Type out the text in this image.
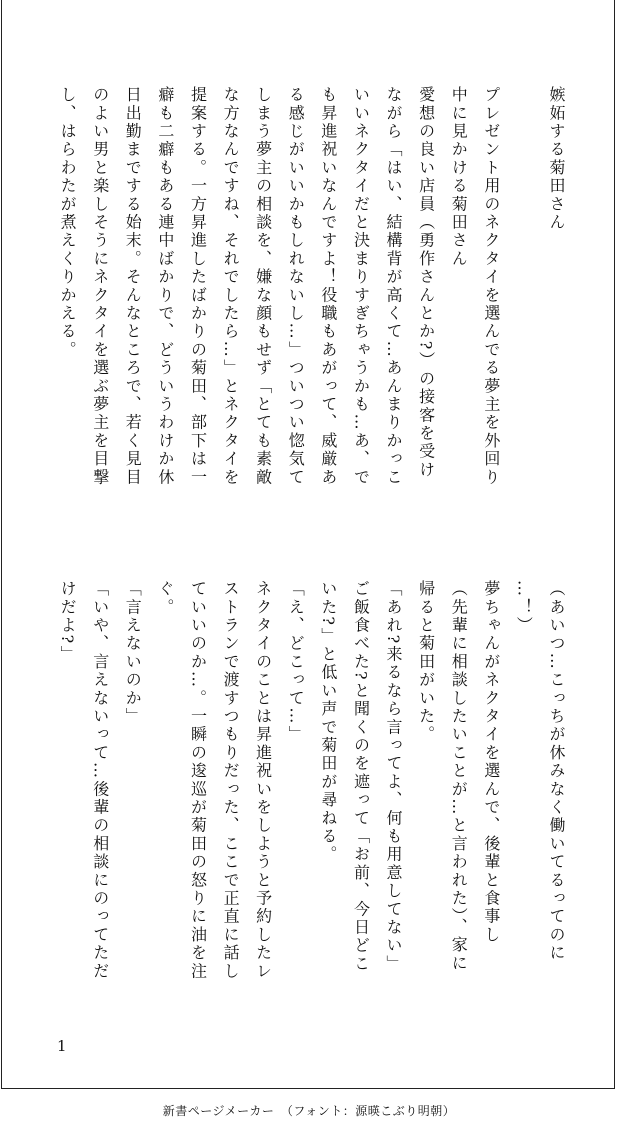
嫉妬する菊田さん

プレゼント用のネクタイを選んでる夢主を外回り
中に見かける菊田さん
愛想の良い店員（勇作さんとか?）の接客を受け
ながら「はい、結構背が高くて…あんまりかっこ
いいネクタイだと決まりすぎちゃうかも…あ、で
も昇進祝いなんですよ！役職もあがって、威厳あ
る感じがいいかもしれないし…」ついつい惚気て
しまう夢主の相談を、嫌な顔もせず「とても素敵
な方なんですね、それでしたら…」とネクタイを
提案する。一方昇進したばかりの菊田、部下は一
癖も二癖もある連中ばかりで、どういうわけか休
日出勤までする始末。そんなところで、若く見目
のよい男と楽しそうにネクタイを選ぶ夢主を目撃
し、はらわたが煮えくりかえる。
（あいつ…こっちが休みなく働いてるってのに
…！）
夢ちゃんがネクタイを選んで、後輩と食事し
（先輩に相談したいことが…と言われた）、家に
帰ると菊田がいた。
「あれ?来るなら言ってよ、何も用意してない」
ご飯食べた?と聞くのを遮って「お前、今日どこ
いた?」と低い声で菊田が尋ねる。
「え、どこって…」
ネクタイのことは昇進祝いをしようと予約したレ
ストランで渡すつもりだった、ここで正直に話し
ていいのか…。一瞬の逡巡が菊田の怒りに油を注
ぐ。
「言えないのか」
「いや、言えないって…後輩の相談にのってただ
けだよ?」
1
新書ページメーカー　（フォント：源暎こぶり明朝）
